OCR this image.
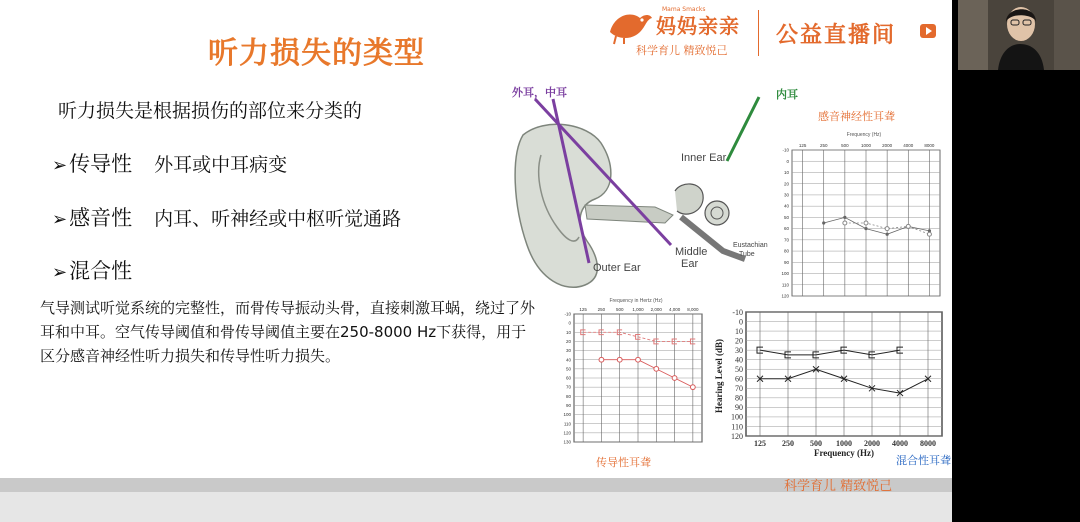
听力损失的类型
听力损失是根据损伤的部位来分类的
➢传导性 外耳或中耳病变
➢感音性 内耳、听神经或中枢听觉通路
➢混合性
气导测试听觉系统的完整性，而骨传导振动头骨，直接刺激耳蜗，绕过了外耳和中耳。空气传导阈值和骨传导阈值主要在250-8000 Hz下获得，用于区分感音神经性听力损失和传导性听力损失。
Mama Smacks
妈妈亲亲
科学育儿 精致悦己
公益直播间
外耳，中耳	内耳
Inner Ear
Outer Ear
Middle
Ear
Eustachian
Tube
感音神经性耳聋
传导性耳聋	混合性耳聋
Frequency (Hz)
-10
0
10
20
30
40
50
60
70
80
90
100
110
120
125	250	500	1000 2000 4000 8000
Frequency in Hertz (Hz)
-10
0
10
20
30
40
50
60
70
80
90
100
110
120
130
125 250 500 1,000 2,000 4,000 8,000
Frequency (Hz)
Hearing Level (dB)
-10
0
10
20
30
40
50
60
70
80
90
100
110
120
125 250 500 1000 2000 4000 8000
科学育儿 精致悦己
